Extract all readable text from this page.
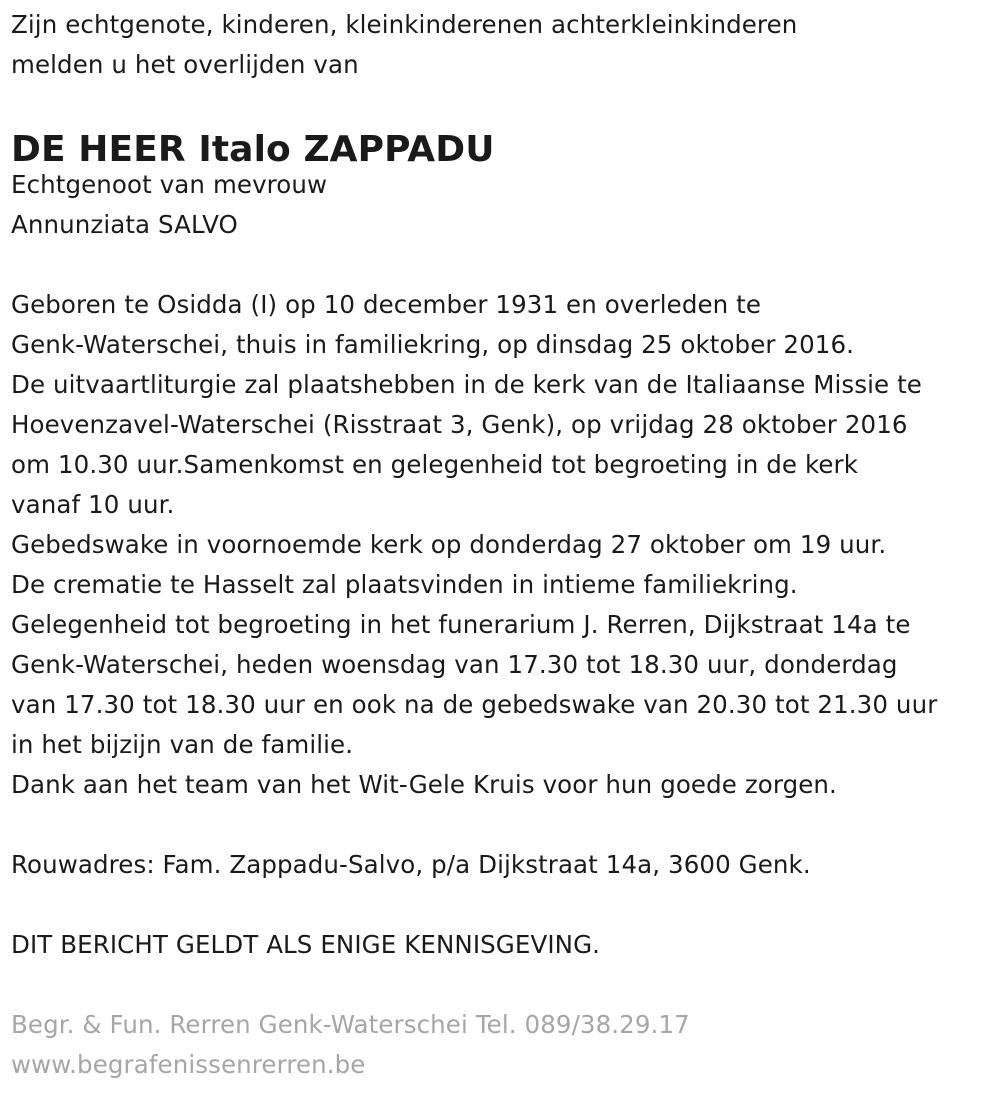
Zijn echtgenote, kinderen, kleinkinderenen achterkleinkinderen
melden u het overlijden van
DE HEER Italo ZAPPADU
Echtgenoot van mevrouw
Annunziata SALVO
Geboren te Osidda (I) op 10 december 1931 en overleden te
Genk-Waterschei, thuis in familiekring, op dinsdag 25 oktober 2016.
De uitvaartliturgie zal plaatshebben in de kerk van de Italiaanse Missie te
Hoevenzavel-Waterschei (Risstraat 3, Genk), op vrijdag 28 oktober 2016
om 10.30 uur.Samenkomst en gelegenheid tot begroeting in de kerk
vanaf 10 uur.
Gebedswake in voornoemde kerk op donderdag 27 oktober om 19 uur.
De crematie te Hasselt zal plaatsvinden in intieme familiekring.
Gelegenheid tot begroeting in het funerarium J. Rerren, Dijkstraat 14a te
Genk-Waterschei, heden woensdag van 17.30 tot 18.30 uur, donderdag
van 17.30 tot 18.30 uur en ook na de gebedswake van 20.30 tot 21.30 uur
in het bijzijn van de familie.
Dank aan het team van het Wit-Gele Kruis voor hun goede zorgen.
Rouwadres: Fam. Zappadu-Salvo, p/a Dijkstraat 14a, 3600 Genk.
DIT BERICHT GELDT ALS ENIGE KENNISGEVING.
Begr. & Fun. Rerren Genk-Waterschei Tel. 089/38.29.17
www.begrafenissenrerren.be
